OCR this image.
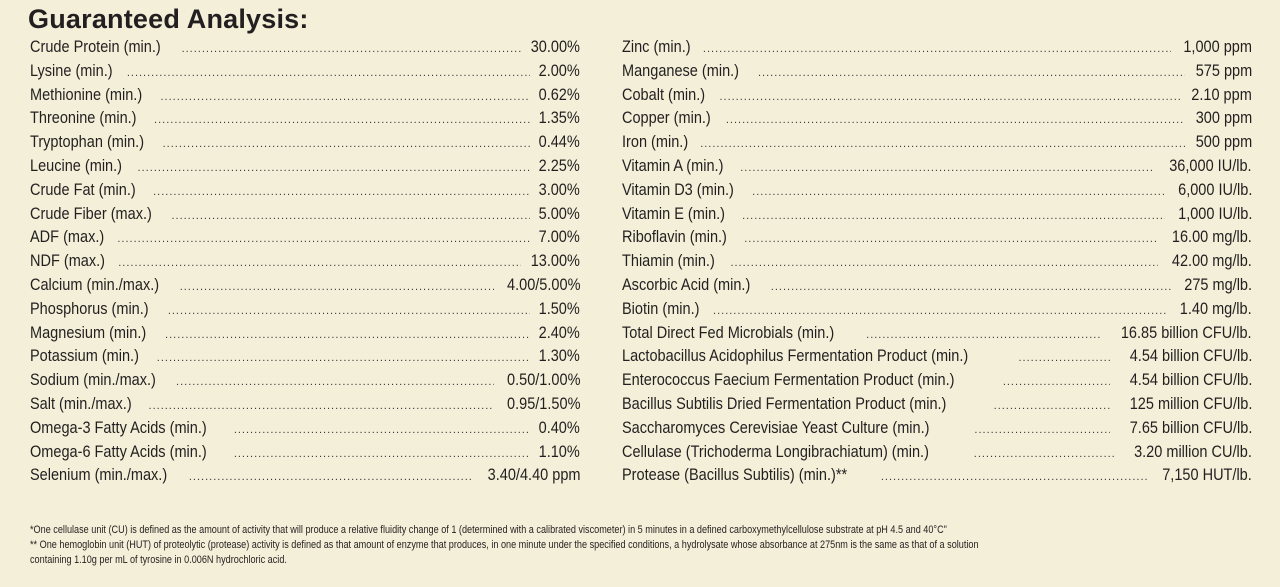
Guaranteed Analysis:
Crude Protein (min.) .....	30.00%
Lysine (min.) .....	2.00%
Methionine (min.) .....	0.62%
Threonine (min.) .....	1.35%
Tryptophan (min.) .....	0.44%
Leucine (min.) .....	2.25%
Crude Fat (min.) .....	3.00%
Crude Fiber (max.) .....	5.00%
ADF (max.) .....	7.00%
NDF (max.) .....	13.00%
Calcium (min./max.) .....	4.00/5.00%
Phosphorus (min.) .....	1.50%
Magnesium (min.) .....	2.40%
Potassium (min.) .....	1.30%
Sodium (min./max.) .....	0.50/1.00%
Salt (min./max.) .....	0.95/1.50%
Omega-3 Fatty Acids (min.) .....	0.40%
Omega-6 Fatty Acids (min.) .....	1.10%
Selenium (min./max.) .....	3.40/4.40 ppm
Zinc (min.) .....	1,000 ppm
Manganese (min.) .....	575 ppm
Cobalt (min.) .....	2.10 ppm
Copper (min.) .....	300 ppm
Iron (min.) .....	500 ppm
Vitamin A (min.) .....	36,000 IU/lb.
Vitamin D3 (min.) .....	6,000 IU/lb.
Vitamin E (min.) .....	1,000 IU/lb.
Riboflavin (min.) .....	16.00 mg/lb.
Thiamin (min.) .....	42.00 mg/lb.
Ascorbic Acid (min.) .....	275 mg/lb.
Biotin (min.) .....	1.40 mg/lb.
Total Direct Fed Microbials (min.) .....	16.85 billion CFU/lb.
Lactobacillus Acidophilus Fermentation Product (min.) .....	4.54 billion CFU/lb.
Enterococcus Faecium Fermentation Product (min.) .....	4.54 billion CFU/lb.
Bacillus Subtilis Dried Fermentation Product (min.) .....	125 million CFU/lb.
Saccharomyces Cerevisiae Yeast Culture (min.) .....	7.65 billion CFU/lb.
Cellulase (Trichoderma Longibrachiatum) (min.) .....	3.20 million CU/lb.
Protease (Bacillus Subtilis) (min.)** .....	7,150 HUT/lb.
*One cellulase unit (CU) is defined as the amount of activity that will produce a relative fluidity change of 1 (determined with a calibrated viscometer) in 5 minutes in a defined carboxymethylcellulose substrate at pH 4.5 and 40°C"
** One hemoglobin unit (HUT) of proteolytic (protease) activity is defined as that amount of enzyme that produces, in one minute under the specified conditions, a hydrolysate whose absorbance at 275nm is the same as that of a solution
containing 1.10g per mL of tyrosine in 0.006N hydrochloric acid.
